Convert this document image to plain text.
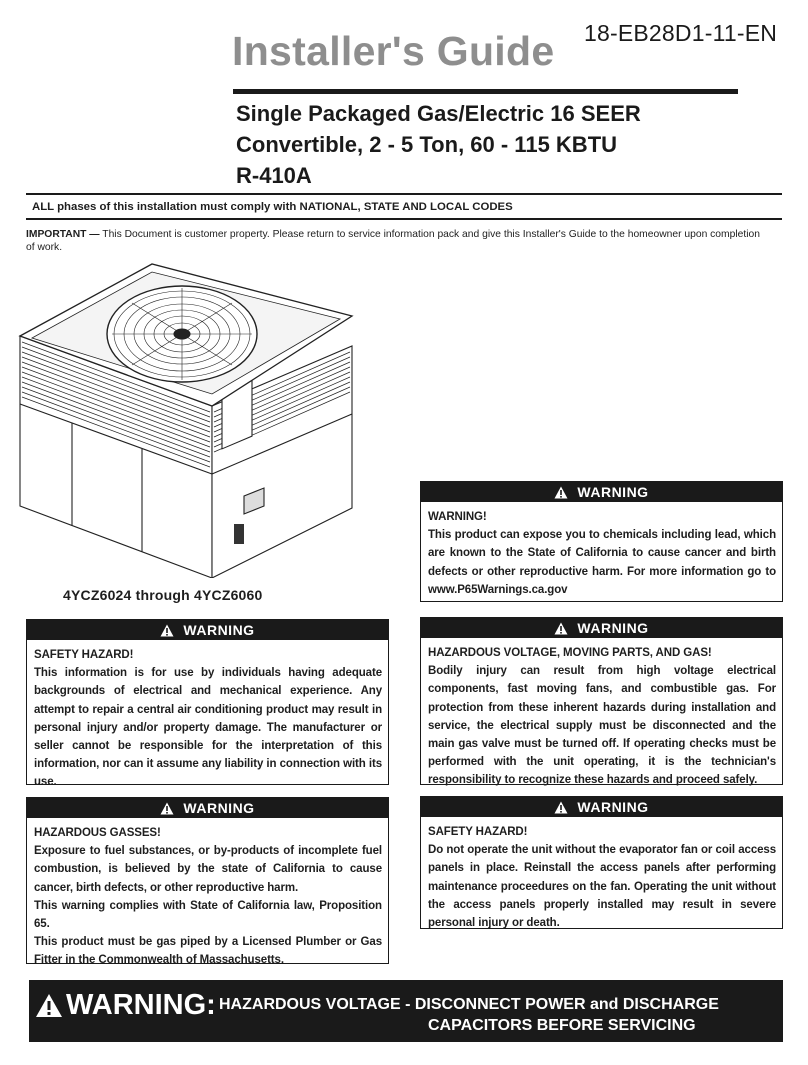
Installer's Guide 18-EB28D1-11-EN
Single Packaged Gas/Electric 16 SEER
Convertible, 2 - 5 Ton, 60 - 115 KBTU
R-410A
ALL phases of this installation must comply with NATIONAL, STATE AND LOCAL CODES
IMPORTANT — This Document is customer property. Please return to service information pack and give this Installer's Guide to the homeowner upon completion of work.
4YCZ6024 through 4YCZ6060
WARNING

WARNING!

This product can expose you to chemicals including lead, which are known to the State of California to cause cancer and birth defects or other reproductive harm. For more information go to www.P65Warnings.ca.gov

WARNING

SAFETY HAZARD!

This information is for use by individuals having adequate backgrounds of electrical and mechanical experience. Any attempt to repair a central air conditioning product may result in personal injury and/or property damage. The manufacturer or seller cannot be responsible for the interpretation of this information, nor can it assume any liability in connection with its use.

WARNING

HAZARDOUS VOLTAGE, MOVING PARTS, AND GAS!

Bodily injury can result from high voltage electrical components, fast moving fans, and combustible gas. For protection from these inherent hazards during installation and service, the electrical supply must be disconnected and the main gas valve must be turned off. If operating checks must be performed with the unit operating, it is the technician's responsibility to recognize these hazards and proceed safely.

WARNING

HAZARDOUS GASSES!

Exposure to fuel substances, or by-products of incomplete fuel combustion, is believed by the state of California to cause cancer, birth defects, or other reproductive harm.

This warning complies with State of California law, Proposition 65.

This product must be gas piped by a Licensed Plumber or Gas Fitter in the Commonwealth of Massachusetts.

WARNING

SAFETY HAZARD!

Do not operate the unit without the evaporator fan or coil access panels in place. Reinstall the access panels after performing maintenance proceedures on the fan. Operating the unit without the access panels properly installed may result in severe personal injury or death.

WARNING: HAZARDOUS VOLTAGE - DISCONNECT POWER and DISCHARGE
CAPACITORS BEFORE SERVICING
